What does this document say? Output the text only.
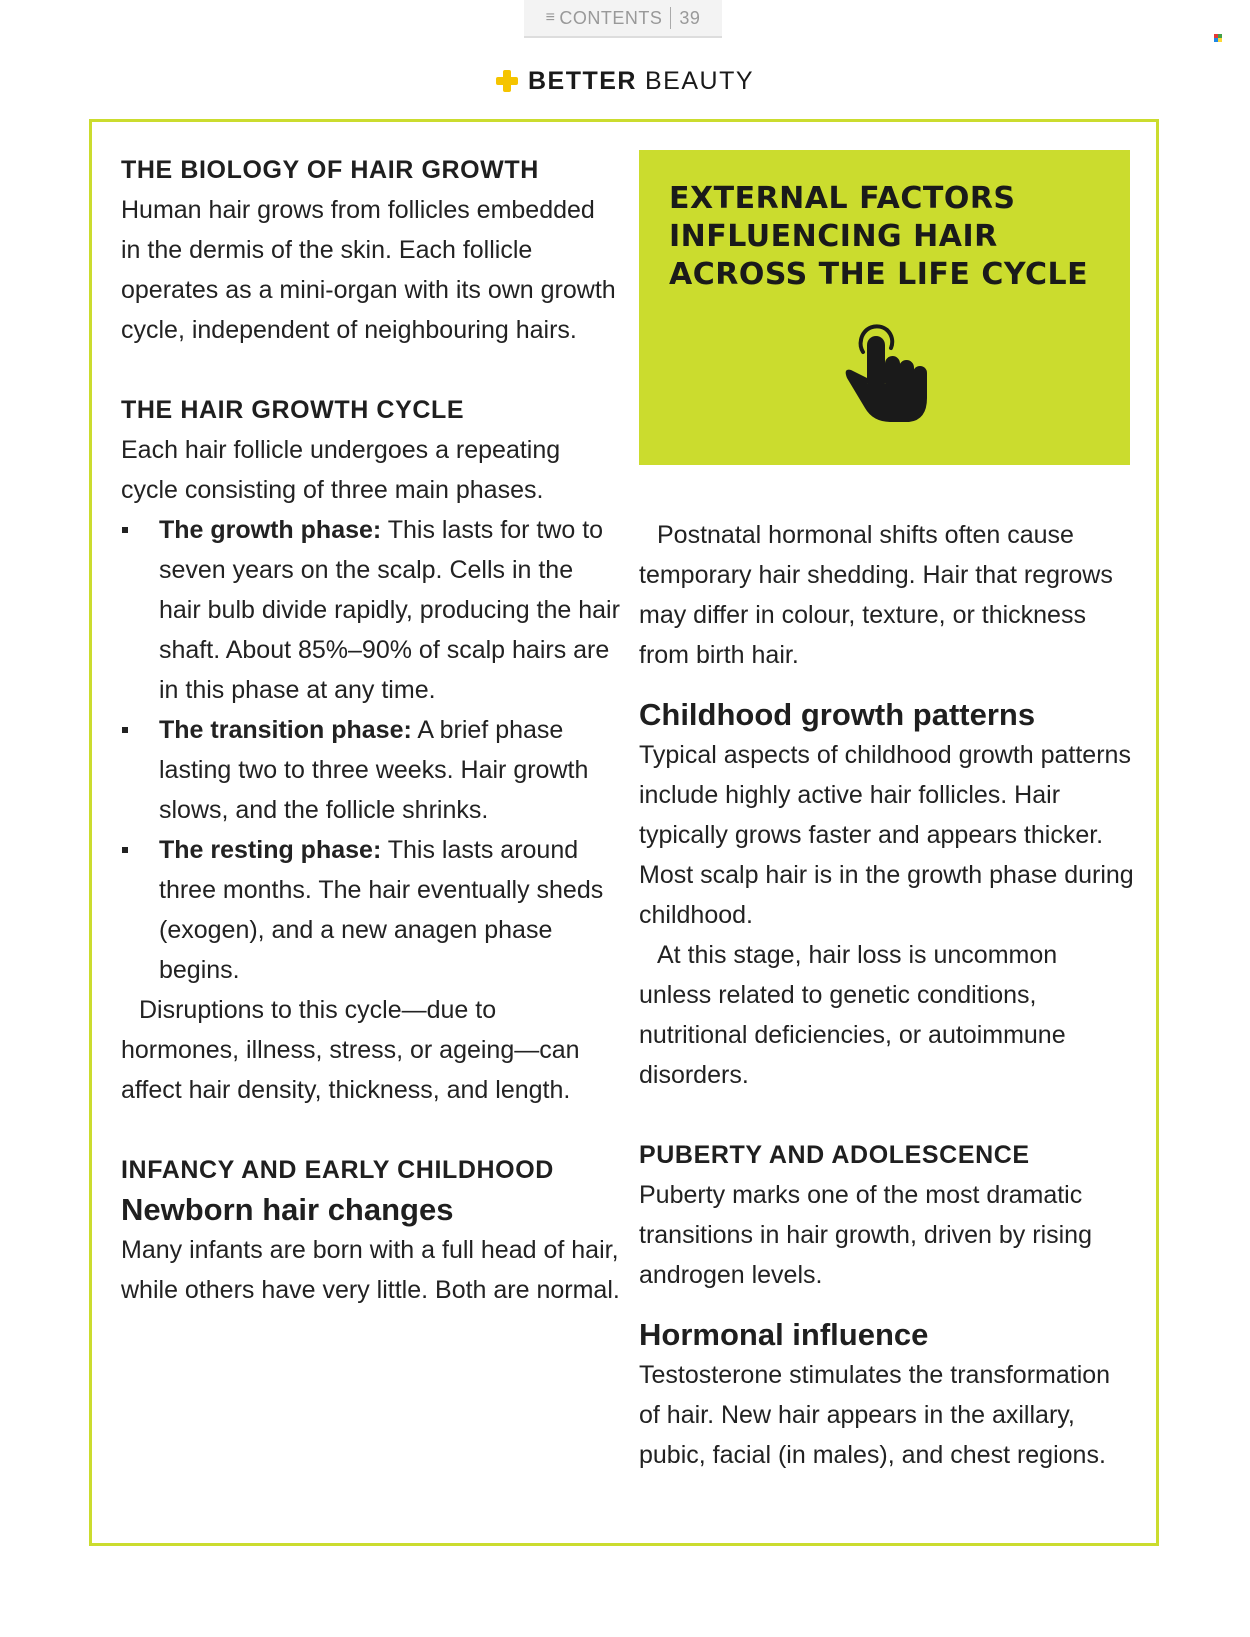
≡ CONTENTS 39
BETTER BEAUTY
THE BIOLOGY OF HAIR GROWTH

Human hair grows from follicles embedded in the dermis of the skin. Each follicle operates as a mini-organ with its own growth cycle, independent of neighbouring hairs.

THE HAIR GROWTH CYCLE

Each hair follicle undergoes a repeating cycle consisting of three main phases.

The growth phase: This lasts for two to seven years on the scalp. Cells in the hair bulb divide rapidly, producing the hair shaft. About 85%–90% of scalp hairs are in this phase at any time.
The transition phase: A brief phase lasting two to three weeks. Hair growth slows, and the follicle shrinks.
The resting phase: This lasts around three months. The hair eventually sheds (exogen), and a new anagen phase begins.

Disruptions to this cycle—due to hormones, illness, stress, or ageing—can affect hair density, thickness, and length.

INFANCY AND EARLY CHILDHOOD
Newborn hair changes

Many infants are born with a full head of hair, while others have very little. Both are normal.

EXTERNAL FACTORS INFLUENCING HAIR ACROSS THE LIFE CYCLE

Postnatal hormonal shifts often cause temporary hair shedding. Hair that regrows may differ in colour, texture, or thickness from birth hair.

Childhood growth patterns

Typical aspects of childhood growth patterns include highly active hair follicles. Hair typically grows faster and appears thicker. Most scalp hair is in the growth phase during childhood.

At this stage, hair loss is uncommon unless related to genetic conditions, nutritional deficiencies, or autoimmune disorders.

PUBERTY AND ADOLESCENCE

Puberty marks one of the most dramatic transitions in hair growth, driven by rising androgen levels.

Hormonal influence

Testosterone stimulates the transformation of hair. New hair appears in the axillary, pubic, facial (in males), and chest regions.
